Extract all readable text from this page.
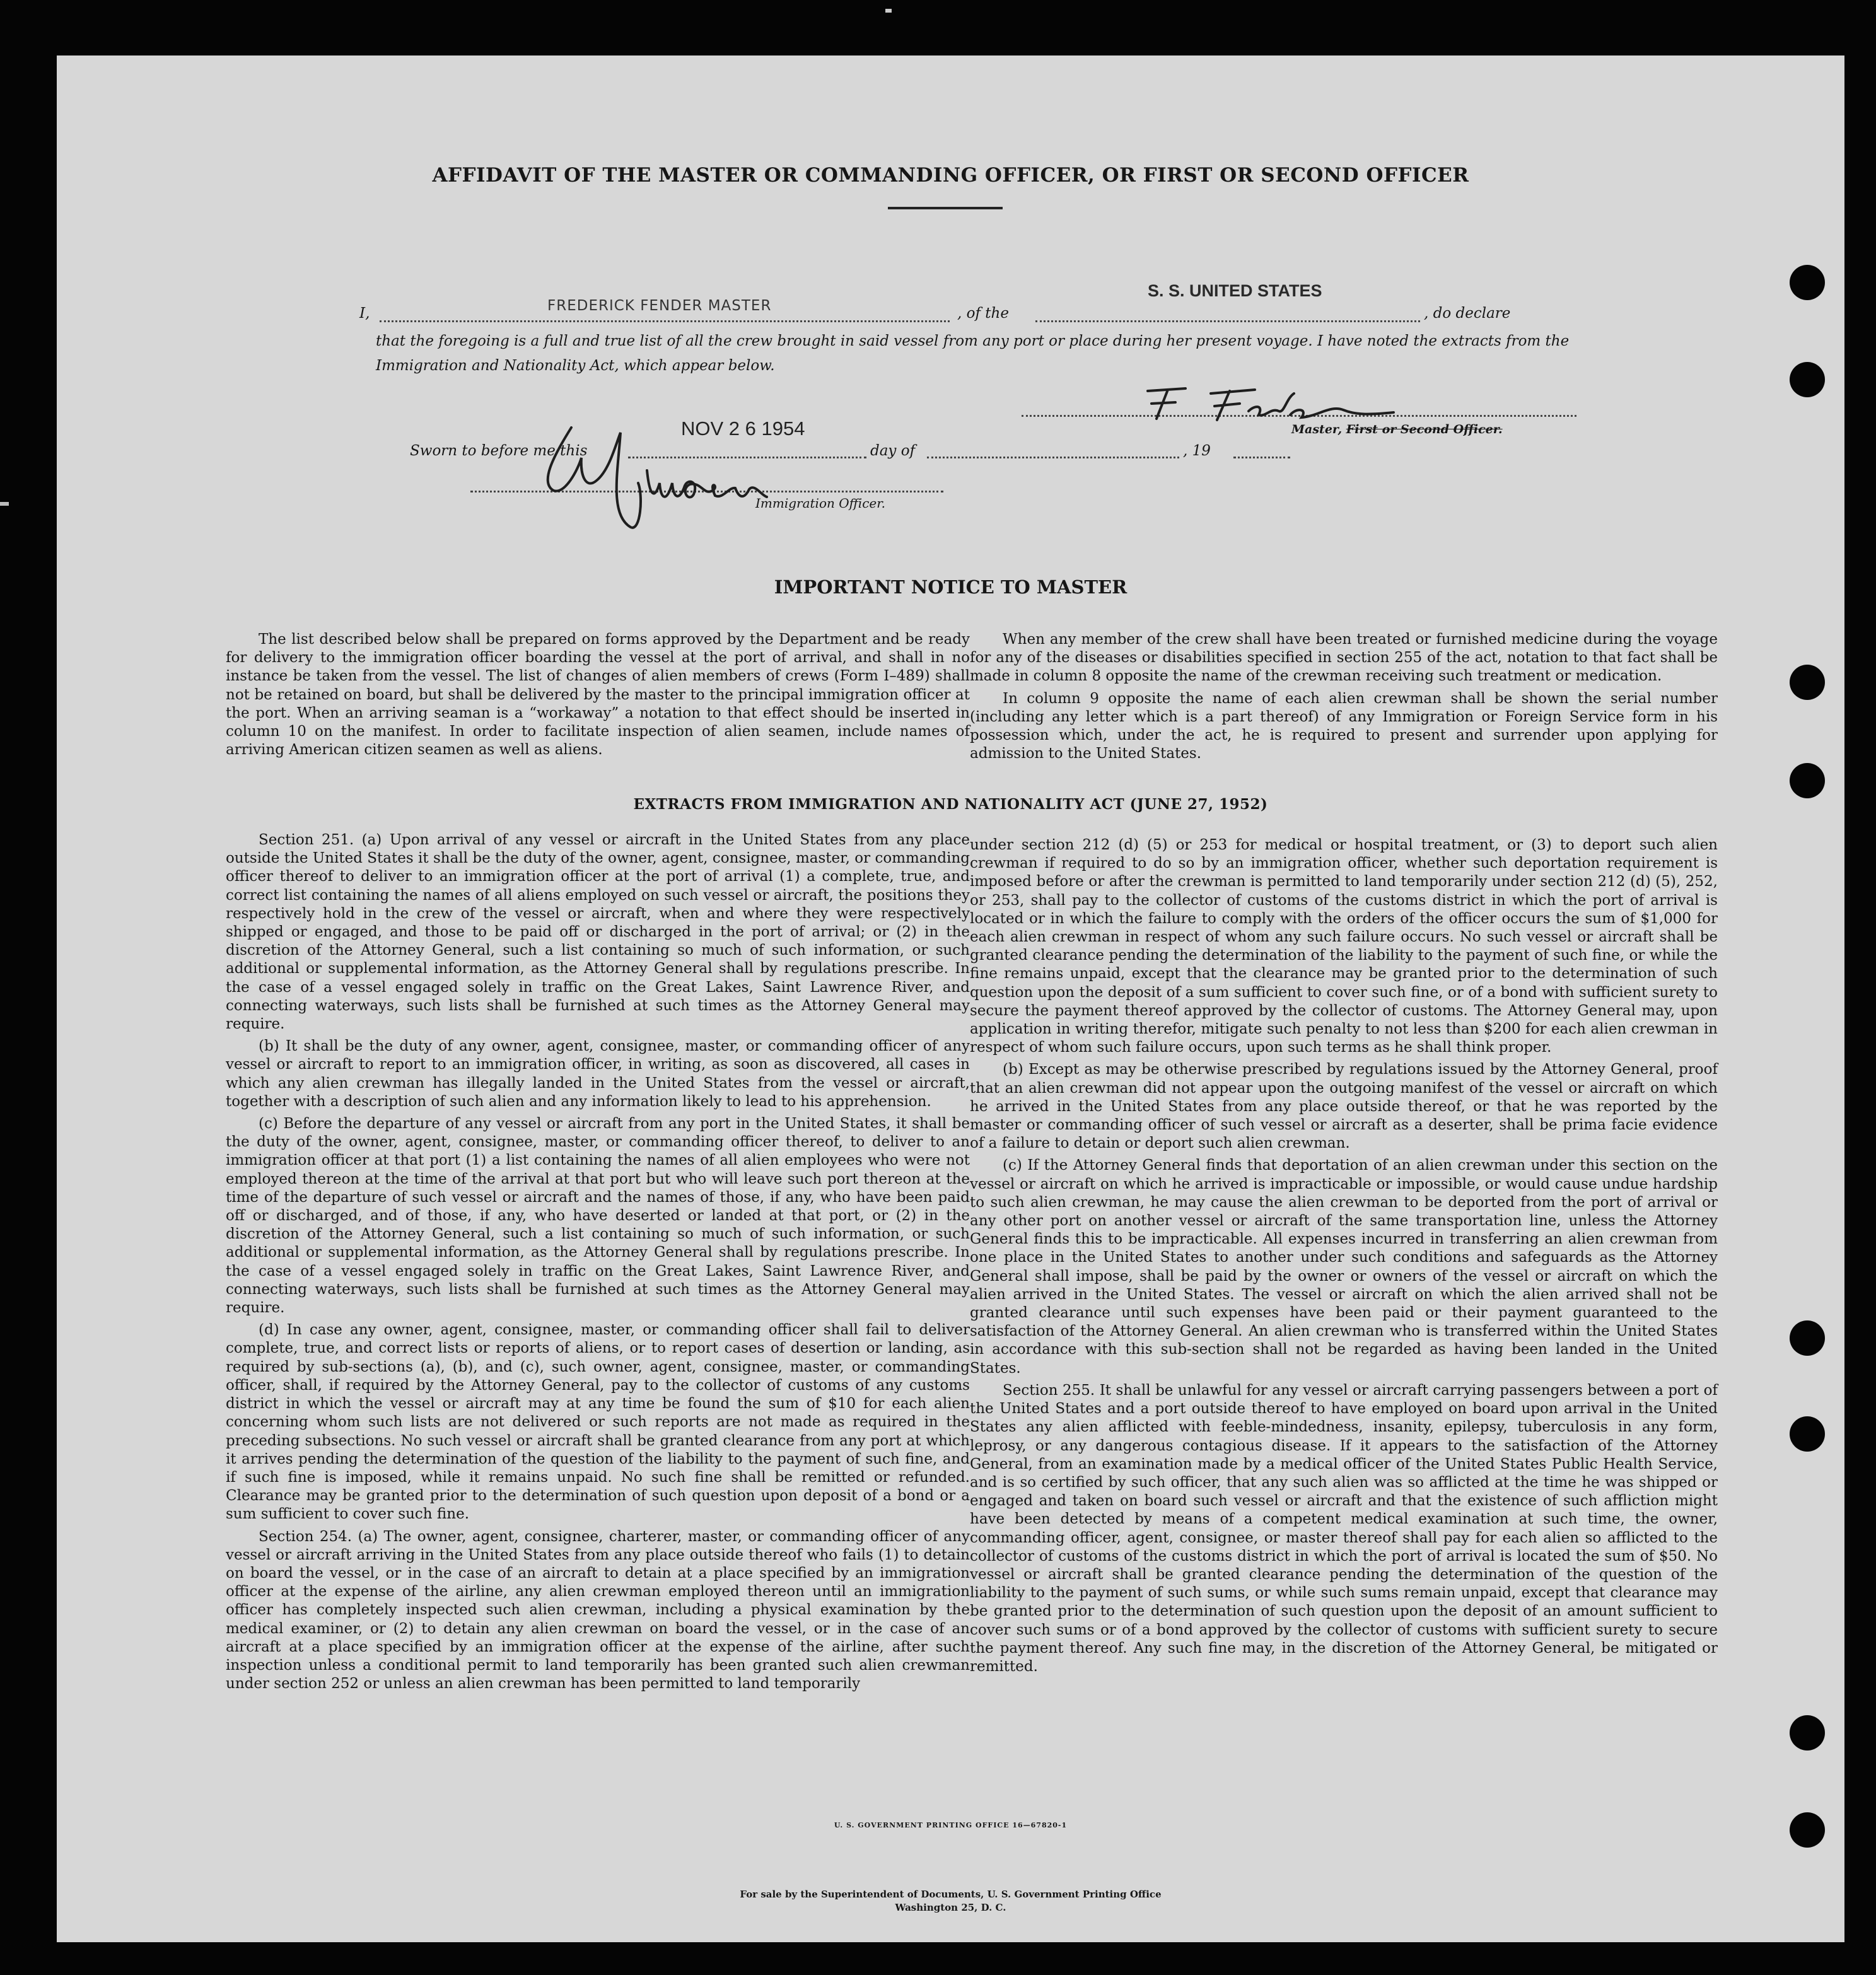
AFFIDAVIT OF THE MASTER OR COMMANDING OFFICER, OR FIRST OR SECOND OFFICER
I,	FREDERICK FENDER MASTER	, of the
S. S. UNITED STATES
, do declare
that the foregoing is a full and true list of all the crew brought in said vessel from any port or place during her present voyage. I have noted the extracts from the Immigration and Nationality Act, which appear below.
Master, First or Second Officer.
Sworn to before me this
NOV 2 6 1954
day of	, 19
Immigration Officer.
IMPORTANT NOTICE TO MASTER

The list described below shall be prepared on forms approved by the Department and be ready for delivery to the immigration officer boarding the vessel at the port of arrival, and shall in no instance be taken from the vessel. The list of changes of alien members of crews (Form I–489) shall not be retained on board, but shall be delivered by the master to the principal immigration officer at the port. When an arriving seaman is a “workaway” a notation to that effect should be inserted in column 10 on the manifest. In order to facilitate inspection of alien seamen, include names of arriving American citizen seamen as well as aliens.

When any member of the crew shall have been treated or furnished medicine during the voyage for any of the diseases or disabilities specified in section 255 of the act, notation to that fact shall be made in column 8 opposite the name of the crewman receiving such treatment or medication.

In column 9 opposite the name of each alien crewman shall be shown the serial number (including any letter which is a part thereof) of any Immigration or Foreign Service form in his possession which, under the act, he is required to present and surrender upon applying for admission to the United States.

EXTRACTS FROM IMMIGRATION AND NATIONALITY ACT (JUNE 27, 1952)

Section 251. (a) Upon arrival of any vessel or aircraft in the United States from any place outside the United States it shall be the duty of the owner, agent, consignee, master, or commanding officer thereof to deliver to an immigration officer at the port of arrival (1) a complete, true, and correct list containing the names of all aliens employed on such vessel or aircraft, the positions they respectively hold in the crew of the vessel or aircraft, when and where they were respectively shipped or engaged, and those to be paid off or discharged in the port of arrival; or (2) in the discretion of the Attorney General, such a list containing so much of such information, or such additional or supplemental information, as the Attorney General shall by regulations prescribe. In the case of a vessel engaged solely in traffic on the Great Lakes, Saint Lawrence River, and connecting waterways, such lists shall be furnished at such times as the Attorney General may require.

(b) It shall be the duty of any owner, agent, consignee, master, or commanding officer of any vessel or aircraft to report to an immigration officer, in writing, as soon as discovered, all cases in which any alien crewman has illegally landed in the United States from the vessel or aircraft, together with a description of such alien and any information likely to lead to his apprehension.

(c) Before the departure of any vessel or aircraft from any port in the United States, it shall be the duty of the owner, agent, consignee, master, or commanding officer thereof, to deliver to an immigration officer at that port (1) a list containing the names of all alien employees who were not employed thereon at the time of the arrival at that port but who will leave such port thereon at the time of the departure of such vessel or aircraft and the names of those, if any, who have been paid off or discharged, and of those, if any, who have deserted or landed at that port, or (2) in the discretion of the Attorney General, such a list containing so much of such information, or such additional or supplemental information, as the Attorney General shall by regulations prescribe. In the case of a vessel engaged solely in traffic on the Great Lakes, Saint Lawrence River, and connecting waterways, such lists shall be furnished at such times as the Attorney General may require.

(d) In case any owner, agent, consignee, master, or commanding officer shall fail to deliver complete, true, and correct lists or reports of aliens, or to report cases of desertion or landing, as required by sub-sections (a), (b), and (c), such owner, agent, consignee, master, or commanding officer, shall, if required by the Attorney General, pay to the collector of customs of any customs district in which the vessel or aircraft may at any time be found the sum of $10 for each alien concerning whom such lists are not delivered or such reports are not made as required in the preceding subsections. No such vessel or aircraft shall be granted clearance from any port at which it arrives pending the determination of the question of the liability to the payment of such fine, and if such fine is imposed, while it remains unpaid. No such fine shall be remitted or refunded. Clearance may be granted prior to the determination of such question upon deposit of a bond or a sum sufficient to cover such fine.

Section 254. (a) The owner, agent, consignee, charterer, master, or commanding officer of any vessel or aircraft arriving in the United States from any place outside thereof who fails (1) to detain on board the vessel, or in the case of an aircraft to detain at a place specified by an immigration officer at the expense of the airline, any alien crewman employed thereon until an immigration officer has completely inspected such alien crewman, including a physical examination by the medical examiner, or (2) to detain any alien crewman on board the vessel, or in the case of an aircraft at a place specified by an immigration officer at the expense of the airline, after such inspection unless a conditional permit to land temporarily has been granted such alien crewman under section 252 or unless an alien crewman has been permitted to land temporarily

under section 212 (d) (5) or 253 for medical or hospital treatment, or (3) to deport such alien crewman if required to do so by an immigration officer, whether such deportation requirement is imposed before or after the crewman is permitted to land temporarily under section 212 (d) (5), 252, or 253, shall pay to the collector of customs of the customs district in which the port of arrival is located or in which the failure to comply with the orders of the officer occurs the sum of $1,000 for each alien crewman in respect of whom any such failure occurs. No such vessel or aircraft shall be granted clearance pending the determination of the liability to the payment of such fine, or while the fine remains unpaid, except that the clearance may be granted prior to the determination of such question upon the deposit of a sum sufficient to cover such fine, or of a bond with sufficient surety to secure the payment thereof approved by the collector of customs. The Attorney General may, upon application in writing therefor, mitigate such penalty to not less than $200 for each alien crewman in respect of whom such failure occurs, upon such terms as he shall think proper.

(b) Except as may be otherwise prescribed by regulations issued by the Attorney General, proof that an alien crewman did not appear upon the outgoing manifest of the vessel or aircraft on which he arrived in the United States from any place outside thereof, or that he was reported by the master or commanding officer of such vessel or aircraft as a deserter, shall be prima facie evidence of a failure to detain or deport such alien crewman.

(c) If the Attorney General finds that deportation of an alien crewman under this section on the vessel or aircraft on which he arrived is impracticable or impossible, or would cause undue hardship to such alien crewman, he may cause the alien crewman to be deported from the port of arrival or any other port on another vessel or aircraft of the same transportation line, unless the Attorney General finds this to be impracticable. All expenses incurred in transferring an alien crewman from one place in the United States to another under such conditions and safeguards as the Attorney General shall impose, shall be paid by the owner or owners of the vessel or aircraft on which the alien arrived in the United States. The vessel or aircraft on which the alien arrived shall not be granted clearance until such expenses have been paid or their payment guaranteed to the satisfaction of the Attorney General. An alien crewman who is transferred within the United States in accordance with this sub-section shall not be regarded as having been landed in the United States.

Section 255. It shall be unlawful for any vessel or aircraft carrying passengers between a port of the United States and a port outside thereof to have employed on board upon arrival in the United States any alien afflicted with feeble-mindedness, insanity, epilepsy, tuberculosis in any form, leprosy, or any dangerous contagious disease. If it appears to the satisfaction of the Attorney General, from an examination made by a medical officer of the United States Public Health Service, and is so certified by such officer, that any such alien was so afflicted at the time he was shipped or engaged and taken on board such vessel or aircraft and that the existence of such affliction might have been detected by means of a competent medical examination at such time, the owner, commanding officer, agent, consignee, or master thereof shall pay for each alien so afflicted to the collector of customs of the customs district in which the port of arrival is located the sum of $50. No vessel or aircraft shall be granted clearance pending the determination of the question of the liability to the payment of such sums, or while such sums remain unpaid, except that clearance may be granted prior to the determination of such question upon the deposit of an amount sufficient to cover such sums or of a bond approved by the collector of customs with sufficient surety to secure the payment thereof. Any such fine may, in the discretion of the Attorney General, be mitigated or remitted.

U. S. GOVERNMENT PRINTING OFFICE 16—67820-1
For sale by the Superintendent of Documents, U. S. Government Printing Office
Washington 25, D. C.
